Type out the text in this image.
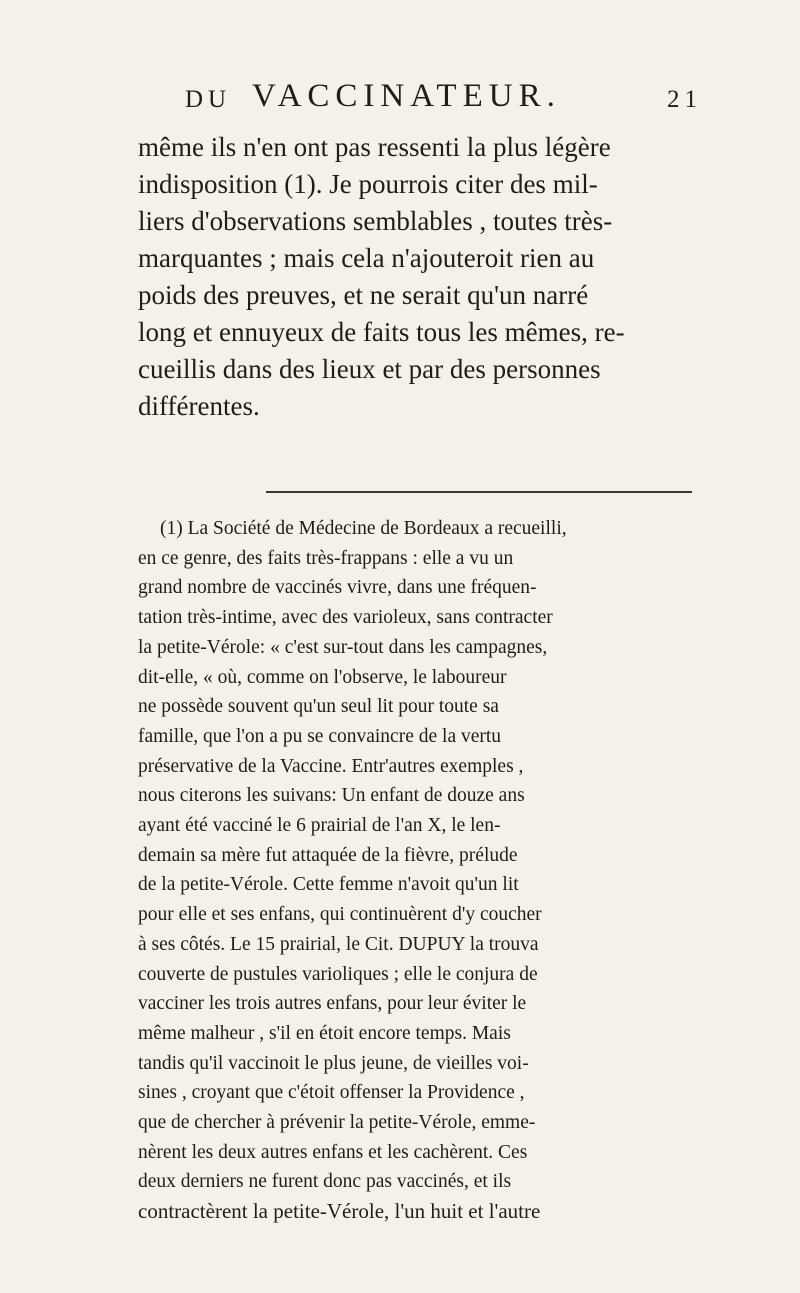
DU VACCINATEUR.	21
même ils n'en ont pas ressenti la plus légère
indisposition (1). Je pourrois citer des mil-
liers d'observations semblables , toutes très-
marquantes ; mais cela n'ajouteroit rien au
poids des preuves, et ne serait qu'un narré
long et ennuyeux de faits tous les mêmes, re-
cueillis dans des lieux et par des personnes
différentes.
(1) La Société de Médecine de Bordeaux a recueilli,
en ce genre, des faits très-frappans : elle a vu un
grand nombre de vaccinés vivre, dans une fréquen-
tation très-intime, avec des varioleux, sans contracter
la petite-Vérole: « c'est sur-tout dans les campagnes,
dit-elle, « où, comme on l'observe, le laboureur
ne possède souvent qu'un seul lit pour toute sa
famille, que l'on a pu se convaincre de la vertu
préservative de la Vaccine. Entr'autres exemples ,
nous citerons les suivans: Un enfant de douze ans
ayant été vacciné le 6 prairial de l'an X, le len-
demain sa mère fut attaquée de la fièvre, prélude
de la petite-Vérole. Cette femme n'avoit qu'un lit
pour elle et ses enfans, qui continuèrent d'y coucher
à ses côtés. Le 15 prairial, le Cit. DUPUY la trouva
couverte de pustules varioliques ; elle le conjura de
vacciner les trois autres enfans, pour leur éviter le
même malheur , s'il en étoit encore temps. Mais
tandis qu'il vaccinoit le plus jeune, de vieilles voi-
sines , croyant que c'étoit offenser la Providence ,
que de chercher à prévenir la petite-Vérole, emme-
nèrent les deux autres enfans et les cachèrent. Ces
deux derniers ne furent donc pas vaccinés, et ils
contractèrent la petite-Vérole, l'un huit et l'autre
